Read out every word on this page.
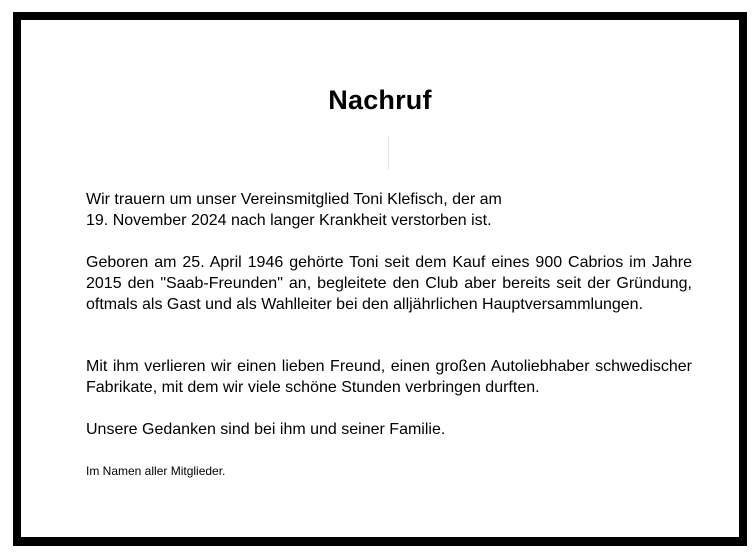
Nachruf

Wir trauern um unser Vereinsmitglied Toni Klefisch, der am
19. November 2024 nach langer Krankheit verstorben ist.

Geboren am 25. April 1946 gehörte Toni seit dem Kauf eines 900 Cabrios im Jahre 2015 den "Saab-Freunden" an, begleitete den Club aber bereits seit der Gründung, oftmals als Gast und als Wahlleiter bei den alljährlichen Hauptversammlungen.

Mit ihm verlieren wir einen lieben Freund, einen großen Autoliebhaber schwedischer Fabrikate, mit dem wir viele schöne Stunden verbringen durften.

Unsere Gedanken sind bei ihm und seiner Familie.

Im Namen aller Mitglieder.
